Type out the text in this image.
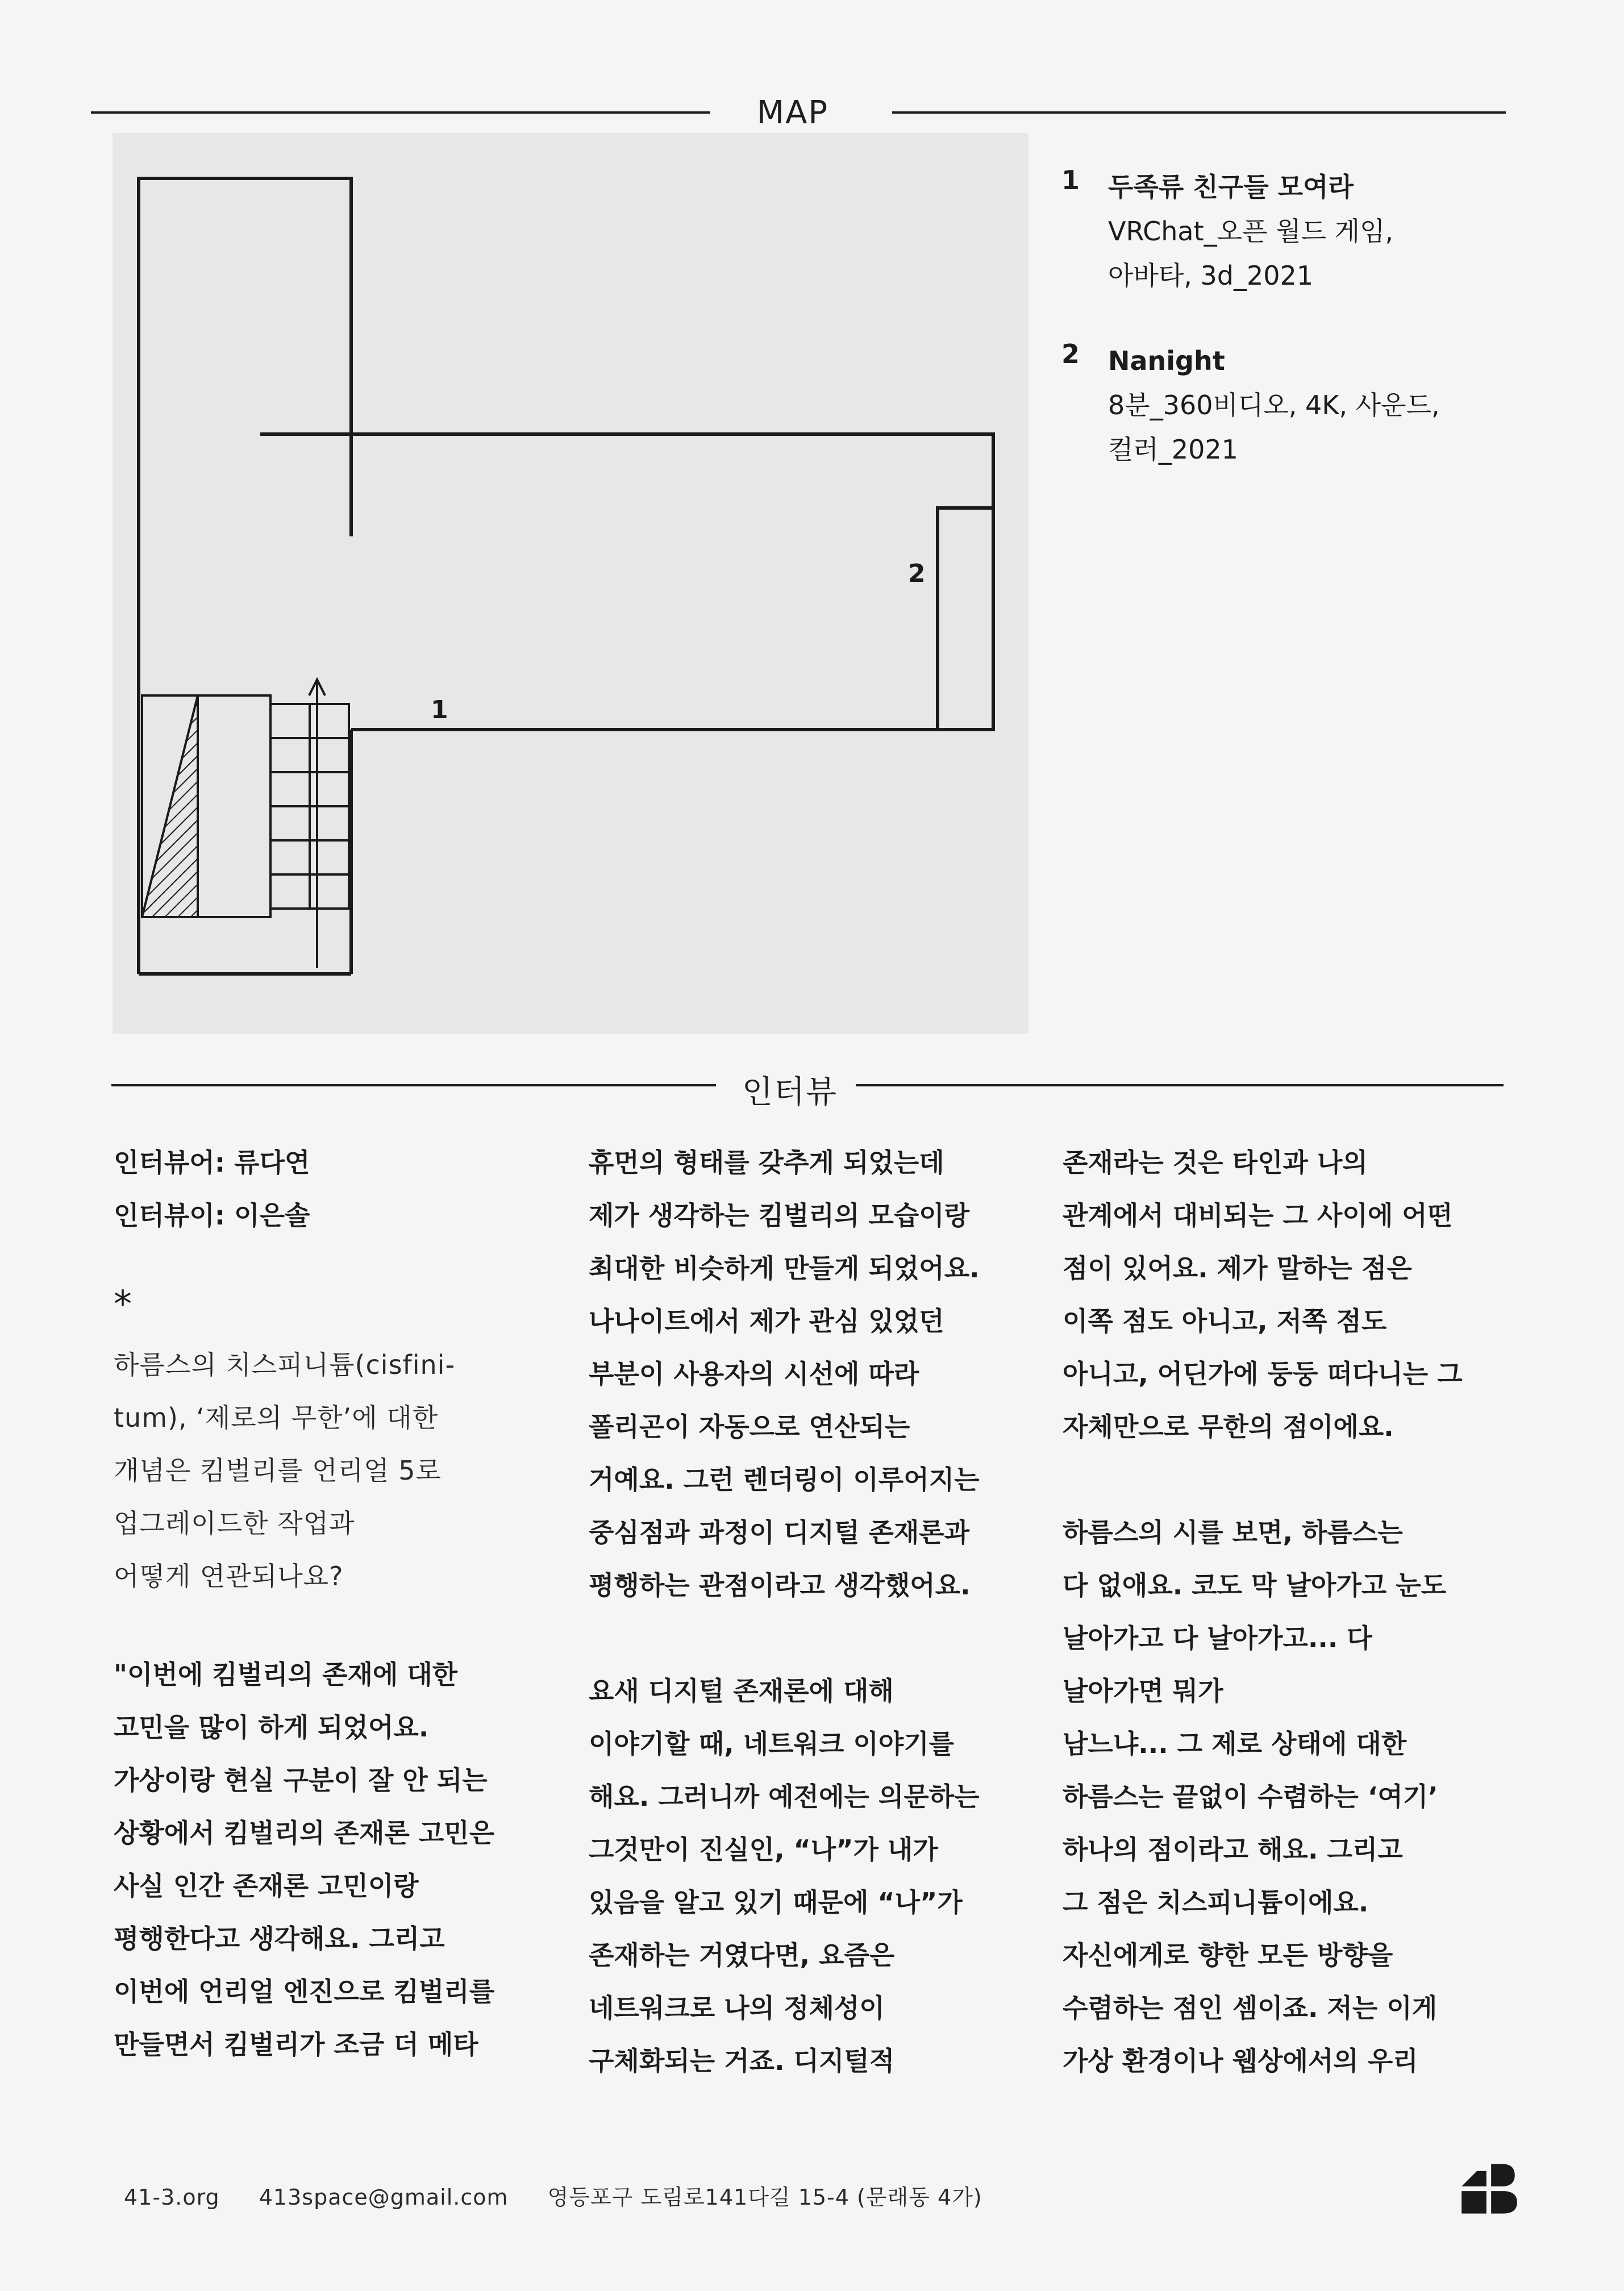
MAP
1
2
1 두족류 친구들 모여라
VRChat_오픈 월드 게임,
아바타, 3d_2021
2 Nanight
8분_360비디오, 4K, 사운드,
컬러_2021
인터뷰

인터뷰어: 류다연

인터뷰이: 이은솔

*

하름스의 치스피니튬(cisfini-

tum), ‘제로의 무한’에 대한

개념은 킴벌리를 언리얼 5로

업그레이드한 작업과

어떻게 연관되나요?

"이번에 킴벌리의 존재에 대한

고민을 많이 하게 되었어요.

가상이랑 현실 구분이 잘 안 되는

상황에서 킴벌리의 존재론 고민은

사실 인간 존재론 고민이랑

평행한다고 생각해요. 그리고

이번에 언리얼 엔진으로 킴벌리를

만들면서 킴벌리가 조금 더 메타

휴먼의 형태를 갖추게 되었는데

제가 생각하는 킴벌리의 모습이랑

최대한 비슷하게 만들게 되었어요.

나나이트에서 제가 관심 있었던

부분이 사용자의 시선에 따라

폴리곤이 자동으로 연산되는

거예요. 그런 렌더링이 이루어지는

중심점과 과정이 디지털 존재론과

평행하는 관점이라고 생각했어요.

요새 디지털 존재론에 대해

이야기할 때, 네트워크 이야기를

해요. 그러니까 예전에는 의문하는

그것만이 진실인, “나”가 내가

있음을 알고 있기 때문에 “나”가

존재하는 거였다면, 요즘은

네트워크로 나의 정체성이

구체화되는 거죠. 디지털적

존재라는 것은 타인과 나의

관계에서 대비되는 그 사이에 어떤

점이 있어요. 제가 말하는 점은

이쪽 점도 아니고, 저쪽 점도

아니고, 어딘가에 둥둥 떠다니는 그

자체만으로 무한의 점이에요.

하름스의 시를 보면, 하름스는

다 없애요. 코도 막 날아가고 눈도

날아가고 다 날아가고... 다

날아가면 뭐가

남느냐... 그 제로 상태에 대한

하름스는 끝없이 수렴하는 ‘여기’

하나의 점이라고 해요. 그리고

그 점은 치스피니튬이에요.

자신에게로 향한 모든 방향을

수렴하는 점인 셈이죠. 저는 이게

가상 환경이나 웹상에서의 우리

41-3.org 413space@gmail.com 영등포구 도림로141다길 15-4 (문래동 4가)
